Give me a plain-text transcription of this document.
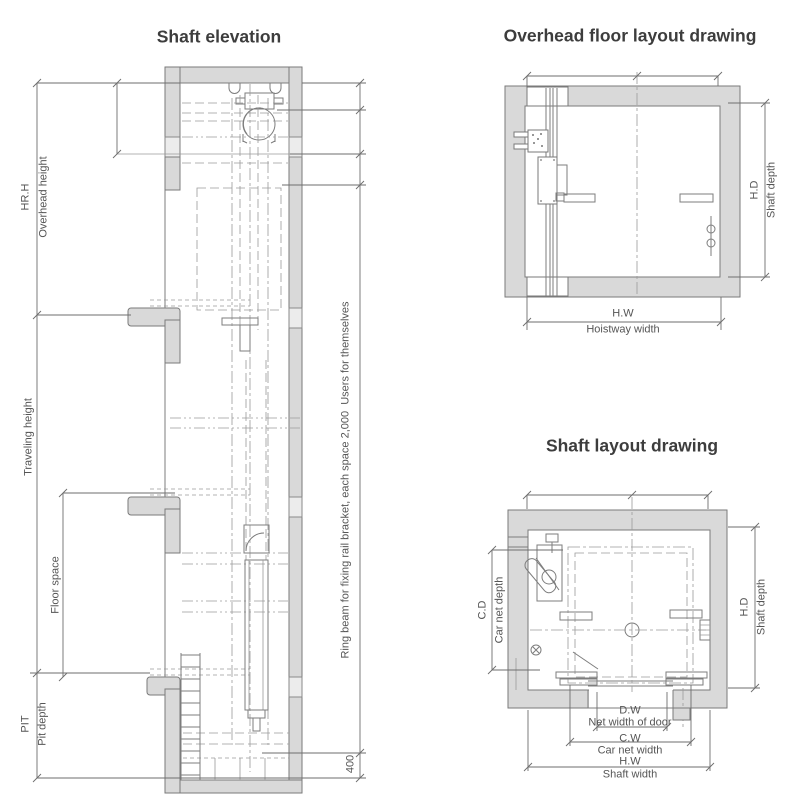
Shaft elevation	Overhead floor layout drawing
Shaft layout drawing
HR.H Overhead height
Traveling height
Floor space
PIT Pit depth
Ring beam for fixing rail bracket, each space 2,000  Users for themselves
400
H.W
Hoistway width
H.D Shaft depth
C.D Car net depth	H.D Shaft depth
D.W
Net width of door
C.W
Car net width
H.W
Shaft width
